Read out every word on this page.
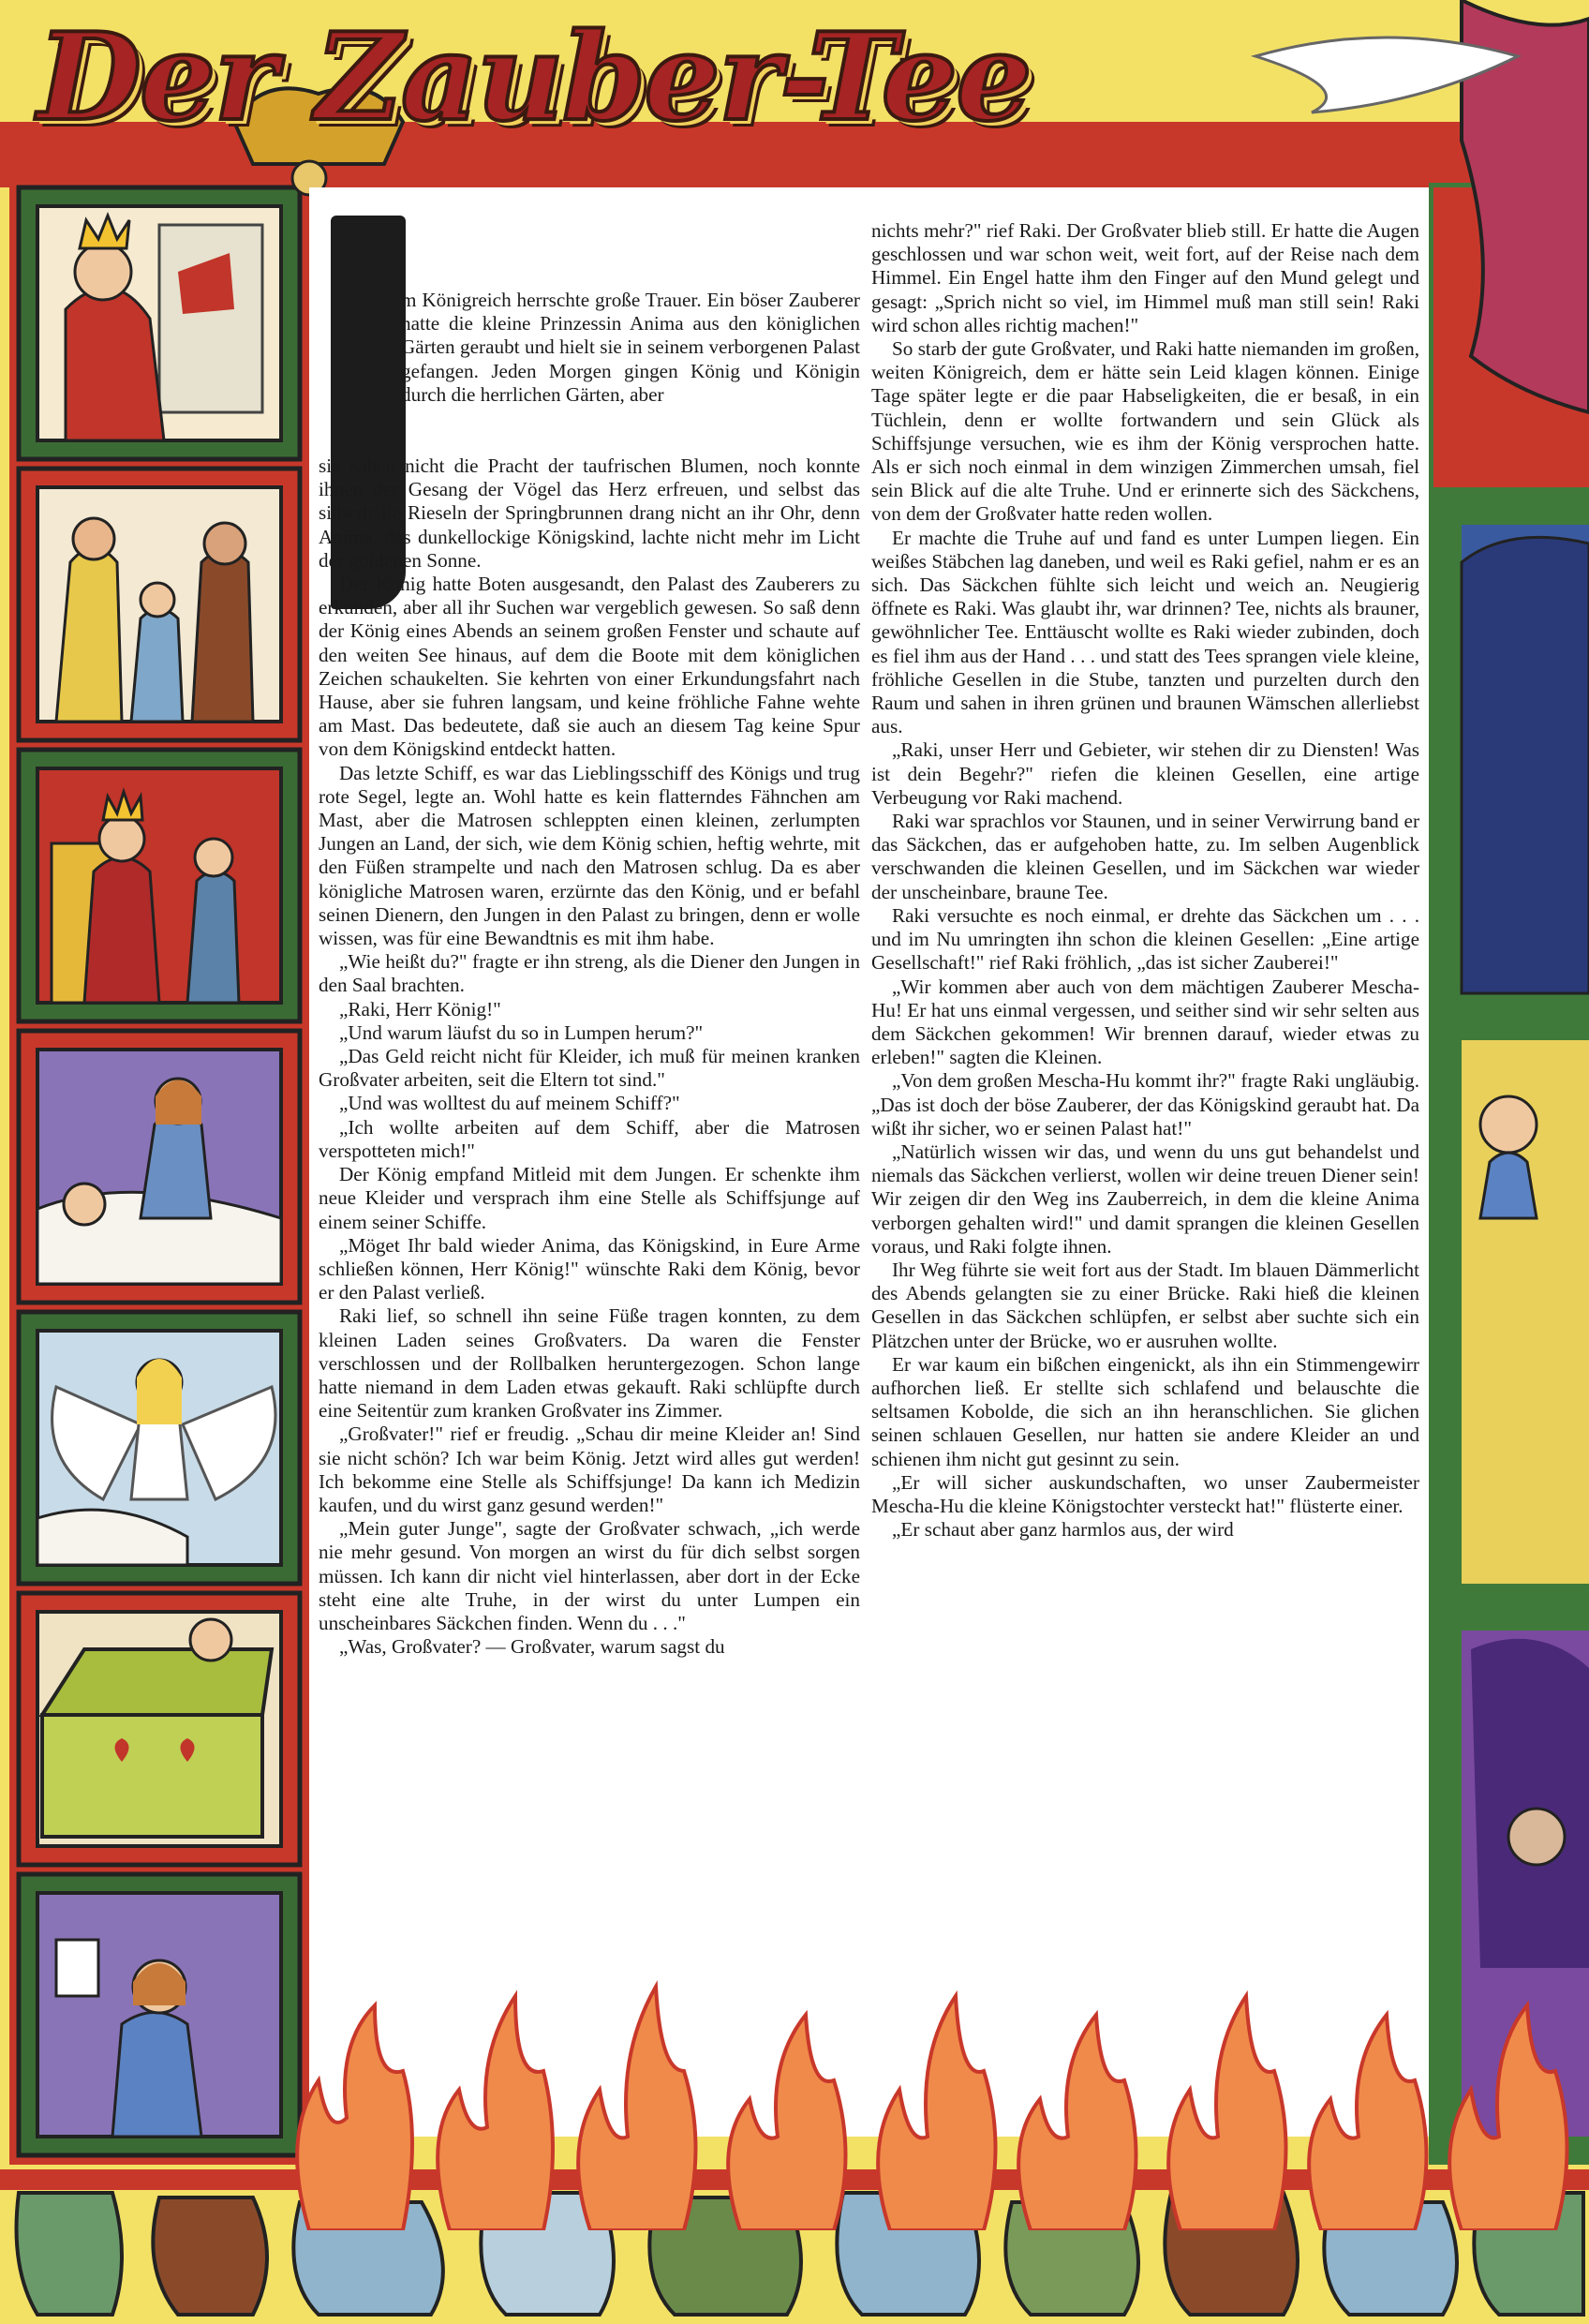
Der Zauber-Tee

m Königreich herrschte große Trauer. Ein böser Zauberer hatte die kleine Prinzessin Anima aus den königlichen Gärten geraubt und hielt sie in seinem verborgenen Palast gefangen. Jeden Morgen gingen König und Königin durch die herrlichen Gärten, aber

sie sahen nicht die Pracht der taufrischen Blumen, noch konnte ihnen der Gesang der Vögel das Herz erfreuen, und selbst das silberhelle Rieseln der Springbrunnen drang nicht an ihr Ohr, denn Anima, das dunkellockige Königskind, lachte nicht mehr im Licht der goldenen Sonne.

Der König hatte Boten ausgesandt, den Palast des Zauberers zu erkunden, aber all ihr Suchen war vergeblich gewesen. So saß denn der König eines Abends an seinem großen Fenster und schaute auf den weiten See hinaus, auf dem die Boote mit dem königlichen Zeichen schaukelten. Sie kehrten von einer Erkundungsfahrt nach Hause, aber sie fuhren langsam, und keine fröhliche Fahne wehte am Mast. Das bedeutete, daß sie auch an diesem Tag keine Spur von dem Königskind entdeckt hatten.

Das letzte Schiff, es war das Lieblingsschiff des Königs und trug rote Segel, legte an. Wohl hatte es kein flatterndes Fähnchen am Mast, aber die Matrosen schleppten einen kleinen, zerlumpten Jungen an Land, der sich, wie dem König schien, heftig wehrte, mit den Füßen strampelte und nach den Matrosen schlug. Da es aber königliche Matrosen waren, erzürnte das den König, und er befahl seinen Dienern, den Jungen in den Palast zu bringen, denn er wolle wissen, was für eine Bewandtnis es mit ihm habe.

„Wie heißt du?" fragte er ihn streng, als die Diener den Jungen in den Saal brachten.

„Raki, Herr König!"

„Und warum läufst du so in Lumpen herum?"

„Das Geld reicht nicht für Kleider, ich muß für meinen kranken Großvater arbeiten, seit die Eltern tot sind."

„Und was wolltest du auf meinem Schiff?"

„Ich wollte arbeiten auf dem Schiff, aber die Matrosen verspotteten mich!"

Der König empfand Mitleid mit dem Jungen. Er schenkte ihm neue Kleider und versprach ihm eine Stelle als Schiffsjunge auf einem seiner Schiffe.

„Möget Ihr bald wieder Anima, das Königskind, in Eure Arme schließen können, Herr König!" wünschte Raki dem König, bevor er den Palast verließ.

Raki lief, so schnell ihn seine Füße tragen konnten, zu dem kleinen Laden seines Großvaters. Da waren die Fenster verschlossen und der Rollbalken heruntergezogen. Schon lange hatte niemand in dem Laden etwas gekauft. Raki schlüpfte durch eine Seitentür zum kranken Großvater ins Zimmer.

„Großvater!" rief er freudig. „Schau dir meine Kleider an! Sind sie nicht schön? Ich war beim König. Jetzt wird alles gut werden! Ich bekomme eine Stelle als Schiffsjunge! Da kann ich Medizin kaufen, und du wirst ganz gesund werden!"

„Mein guter Junge", sagte der Großvater schwach, „ich werde nie mehr gesund. Von morgen an wirst du für dich selbst sorgen müssen. Ich kann dir nicht viel hinterlassen, aber dort in der Ecke steht eine alte Truhe, in der wirst du unter Lumpen ein unscheinbares Säckchen finden. Wenn du . . ."

„Was, Großvater? — Großvater, warum sagst du

nichts mehr?" rief Raki. Der Großvater blieb still. Er hatte die Augen geschlossen und war schon weit, weit fort, auf der Reise nach dem Himmel. Ein Engel hatte ihm den Finger auf den Mund gelegt und gesagt: „Sprich nicht so viel, im Himmel muß man still sein! Raki wird schon alles richtig machen!"

So starb der gute Großvater, und Raki hatte niemanden im großen, weiten Königreich, dem er hätte sein Leid klagen können. Einige Tage später legte er die paar Habseligkeiten, die er besaß, in ein Tüchlein, denn er wollte fortwandern und sein Glück als Schiffsjunge versuchen, wie es ihm der König versprochen hatte. Als er sich noch einmal in dem winzigen Zimmerchen umsah, fiel sein Blick auf die alte Truhe. Und er erinnerte sich des Säckchens, von dem der Großvater hatte reden wollen.

Er machte die Truhe auf und fand es unter Lumpen liegen. Ein weißes Stäbchen lag daneben, und weil es Raki gefiel, nahm er es an sich. Das Säckchen fühlte sich leicht und weich an. Neugierig öffnete es Raki. Was glaubt ihr, war drinnen? Tee, nichts als brauner, gewöhnlicher Tee. Enttäuscht wollte es Raki wieder zubinden, doch es fiel ihm aus der Hand . . . und statt des Tees sprangen viele kleine, fröhliche Gesellen in die Stube, tanzten und purzelten durch den Raum und sahen in ihren grünen und braunen Wämschen allerliebst aus.

„Raki, unser Herr und Gebieter, wir stehen dir zu Diensten! Was ist dein Begehr?" riefen die kleinen Gesellen, eine artige Verbeugung vor Raki machend.

Raki war sprachlos vor Staunen, und in seiner Verwirrung band er das Säckchen, das er aufgehoben hatte, zu. Im selben Augenblick verschwanden die kleinen Gesellen, und im Säckchen war wieder der unscheinbare, braune Tee.

Raki versuchte es noch einmal, er drehte das Säckchen um . . . und im Nu umringten ihn schon die kleinen Gesellen: „Eine artige Gesellschaft!" rief Raki fröhlich, „das ist sicher Zauberei!"

„Wir kommen aber auch von dem mächtigen Zauberer Mescha-Hu! Er hat uns einmal vergessen, und seither sind wir sehr selten aus dem Säckchen gekommen! Wir brennen darauf, wieder etwas zu erleben!" sagten die Kleinen.

„Von dem großen Mescha-Hu kommt ihr?" fragte Raki ungläubig. „Das ist doch der böse Zauberer, der das Königskind geraubt hat. Da wißt ihr sicher, wo er seinen Palast hat!"

„Natürlich wissen wir das, und wenn du uns gut behandelst und niemals das Säckchen verlierst, wollen wir deine treuen Diener sein! Wir zeigen dir den Weg ins Zauberreich, in dem die kleine Anima verborgen gehalten wird!" und damit sprangen die kleinen Gesellen voraus, und Raki folgte ihnen.

Ihr Weg führte sie weit fort aus der Stadt. Im blauen Dämmerlicht des Abends gelangten sie zu einer Brücke. Raki hieß die kleinen Gesellen in das Säckchen schlüpfen, er selbst aber suchte sich ein Plätzchen unter der Brücke, wo er ausruhen wollte.

Er war kaum ein bißchen eingenickt, als ihn ein Stimmengewirr aufhorchen ließ. Er stellte sich schlafend und belauschte die seltsamen Kobolde, die sich an ihn heranschlichen. Sie glichen seinen schlauen Gesellen, nur hatten sie andere Kleider an und schienen ihm nicht gut gesinnt zu sein.

„Er will sicher auskundschaften, wo unser Zaubermeister Mescha-Hu die kleine Königstochter versteckt hat!" flüsterte einer.

„Er schaut aber ganz harmlos aus, der wird
